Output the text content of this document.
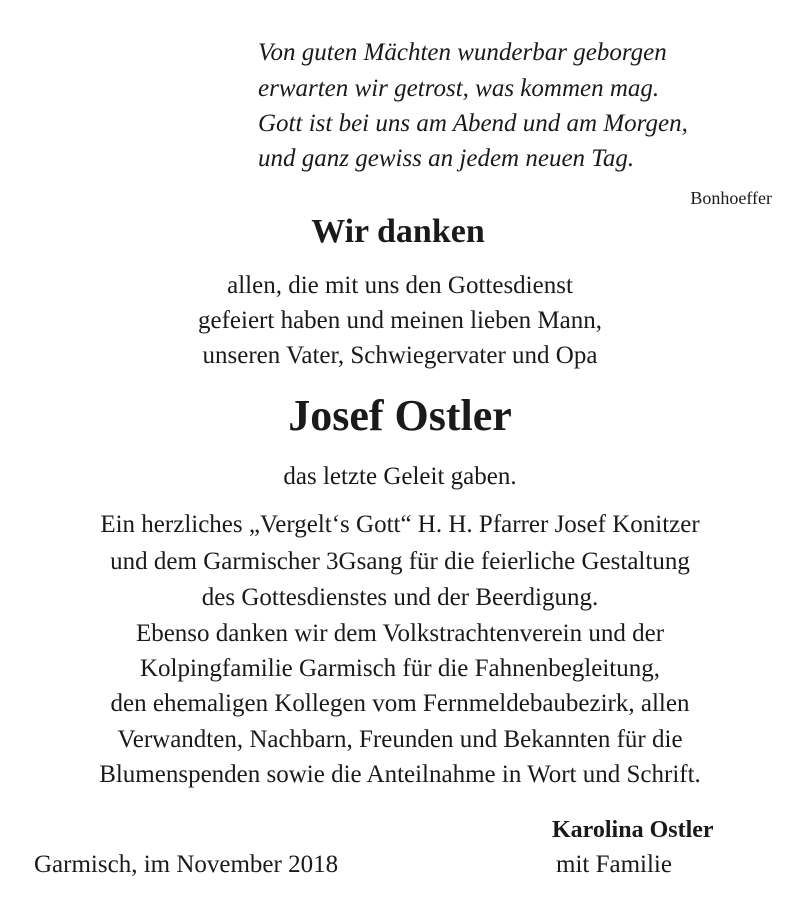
Von guten Mächten wunderbar geborgen
erwarten wir getrost, was kommen mag.
Gott ist bei uns am Abend und am Morgen,
und ganz gewiss an jedem neuen Tag.
Bonhoeffer
Wir danken
allen, die mit uns den Gottesdienst
gefeiert haben und meinen lieben Mann,
unseren Vater, Schwiegervater und Opa
Josef Ostler
das letzte Geleit gaben.
Ein herzliches „Vergelt‘s Gott“ H. H. Pfarrer Josef Konitzer
und dem Garmischer 3Gsang für die feierliche Gestaltung
des Gottesdienstes und der Beerdigung.
Ebenso danken wir dem Volkstrachtenverein und der
Kolpingfamilie Garmisch für die Fahnenbegleitung,
den ehemaligen Kollegen vom Fernmeldebaubezirk, allen
Verwandten, Nachbarn, Freunden und Bekannten für die
Blumenspenden sowie die Anteilnahme in Wort und Schrift.
Karolina Ostler
mit Familie
Garmisch, im November 2018
